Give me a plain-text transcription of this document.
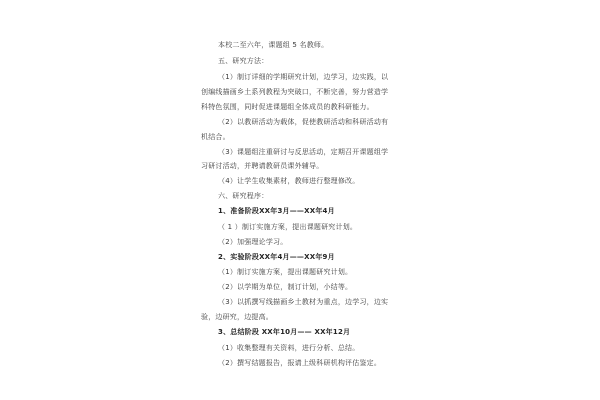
本校二至六年，课题组 5 名教师。
五、研究方法：
（1）制订详细的学期研究计划，边学习，边实践，以
创编线描画乡土系列教程为突破口，不断完善，努力营造学
科特色氛围，同时促进课题组全体成员的教科研能力。
（2）以教研活动为载体，促使教研活动和科研活动有
机结合。
（3）课题组注重研讨与反思活动，定期召开课题组学
习研讨活动，并聘请教研员课外辅导。
（4）让学生收集素材，教师进行整理修改。
六、研究程序：
1、准备阶段XX年3月——XX年4月
（ 1 ）制订实施方案，提出课题研究计划。
（2）加强理论学习。
2、实验阶段XX年4月——XX年9月
（1）制订实施方案，提出课题研究计划。
（2）以学期为单位，制订计划，小结等。
（3）以抓撰写线描画乡土教材为重点，边学习，边实
验，边研究，边提高。
3、总结阶段 XX年10月—— XX年12月
（1）收集整理有关资料，进行分析、总结。
（2）撰写结题报告，报请上级科研机构评估鉴定。
